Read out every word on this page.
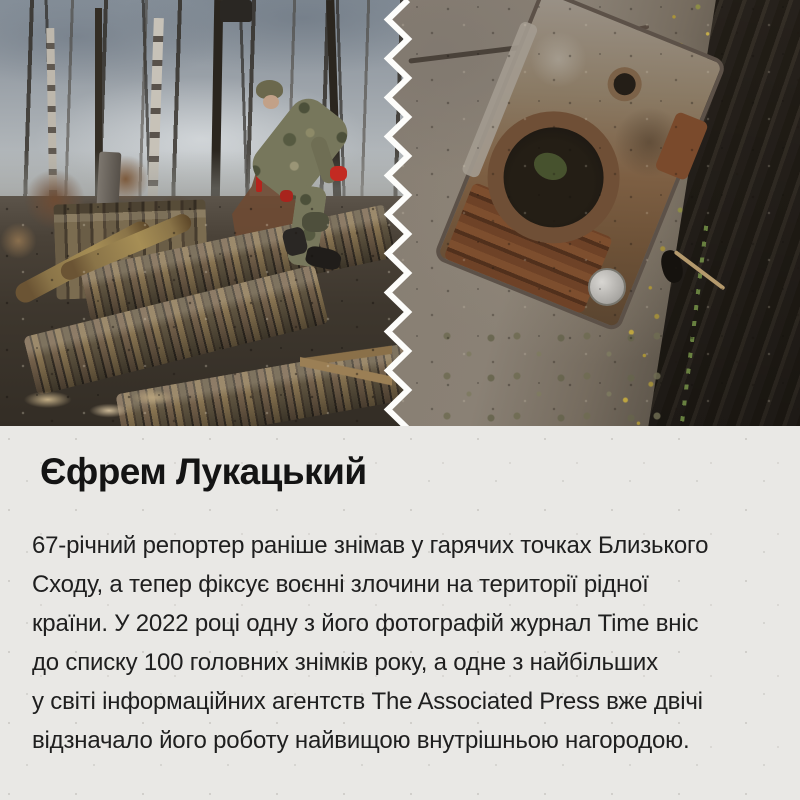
Єфрем Лукацький
67-річний репортер раніше знімав у гарячих точках Близького
Сходу, а тепер фіксує воєнні злочини на території рідної
країни. У 2022 році одну з його фотографій журнал Time вніс
до списку 100 головних знімків року, а одне з найбільших
у світі інформаційних агентств The Associated Press вже двічі
відзначало його роботу найвищою внутрішньою нагородою.
